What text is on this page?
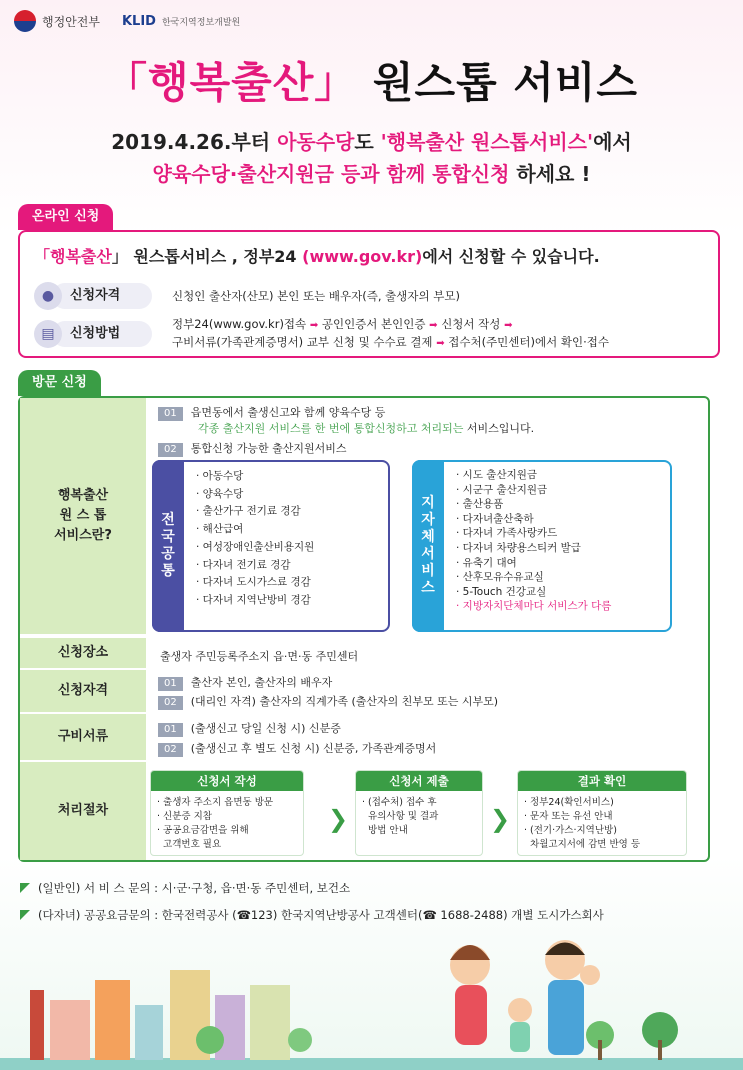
행정안전부 KLID 한국지역정보개발원
「행복출산」 원스톱 서비스
2019.4.26.부터 아동수당도 '행복출산 원스톱서비스'에서
양육수당·출산지원금 등과 함께 통합신청 하세요 !
온라인 신청
「행복출산」 원스톱서비스 , 정부24 (www.gov.kr)에서 신청할 수 있습니다.
●	신청자격	신청인 출산자(산모) 본인 또는 배우자(즉, 출생자의 부모)
▤	신청방법
정부24(www.gov.kr)접속 ➡ 공인인증서 본인인증 ➡ 신청서 작성 ➡
구비서류(가족관계증명서) 교부 신청 및 수수료 결제 ➡ 접수처(주민센터)에서 확인·접수
방문 신청
행복출산
원 스 톱
서비스란?
01 읍면동에서 출생신고와 함께 양육수당 등
각종 출산지원 서비스를 한 번에 통합신청하고 처리되는 서비스입니다.
02 통합신청 가능한 출산지원서비스
전
국
공
통
· 아동수당
· 양육수당
· 출산가구 전기료 경감
· 해산급여
· 여성장애인출산비용지원
· 다자녀 전기료 경감
· 다자녀 도시가스료 경감
· 다자녀 지역난방비 경감
지
자
체
서
비
스
· 시도 출산지원금
· 시군구 출산지원금
· 출산용품
· 다자녀출산축하
· 다자녀 가족사랑카드
· 다자녀 차량용스티커 발급
· 유축기 대여
· 산후모유수유교실
· 5-Touch 건강교실
· 지방자치단체마다 서비스가 다름
신청장소	출생자 주민등록주소지 읍·면·동 주민센터
신청자격	01 출산자 본인, 출산자의 배우자
02 (대리인 자격) 출산자의 직계가족 (출산자의 친부모 또는 시부모)
구비서류	01 (출생신고 당일 신청 시) 신분증
02 (출생신고 후 별도 신청 시) 신분증, 가족관계증명서
처리절차
신청서 작성
· 출생자 주소지 읍면동 방문
· 신분증 지참
· 공공요금감면을 위해
고객번호 필요
❯
신청서 제출
· (접수처) 접수 후
유의사항 및 결과
방법 안내	❯
결과 확인
· 정부24(확인서비스)
· 문자 또는 유선 안내
· (전기·가스·지역난방)
차월고지서에 감면 반영 등
(일반인) 서 비 스 문의 : 시·군·구청, 읍·면·동 주민센터, 보건소
(다자녀) 공공요금문의 : 한국전력공사 (☎123) 한국지역난방공사 고객센터(☎ 1688-2488) 개별 도시가스회사
